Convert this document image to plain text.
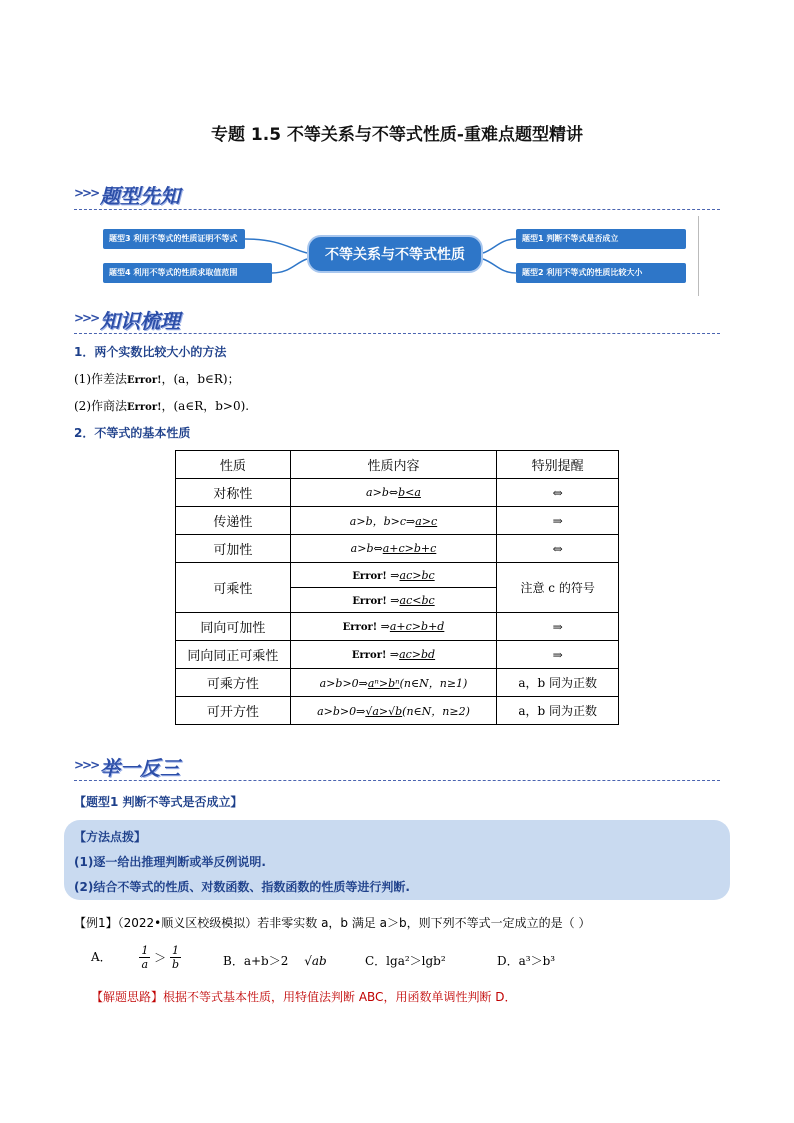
专题 1.5 不等关系与不等式性质-重难点题型精讲
>>> 题型先知
题型3 利用不等式的性质证明不等式
题型4 利用不等式的性质求取值范围
不等关系与不等式性质
题型1 判断不等式是否成立
题型2 利用不等式的性质比较大小
>>> 知识梳理
1．两个实数比较大小的方法
(1)作差法Error!，(a，b∈R)；
(2)作商法Error!，(a∈R，b>0).
2．不等式的基本性质
性质	性质内容	特别提醒
对称性	a>b⇔b<a	⇔
传递性	a>b，b>c⇒a>c	⇒
可加性	a>b⇔a+c>b+c	⇔
可乘性	Error! ⇒ac>bc	注意 c 的符号
	Error! ⇒ac<bc	
同向可加性	Error! ⇒a+c>b+d	⇒
同向同正可乘性	Error! ⇒ac>bd	⇒
可乘方性	a>b>0⇒aⁿ>bⁿ(n∈N，n≥1)	a，b 同为正数
可开方性	a>b>0⇒√a>√b(n∈N，n≥2)	a，b 同为正数
>>> 举一反三
【题型1 判断不等式是否成立】
【方法点拨】
(1)逐一给出推理判断或举反例说明.
(2)结合不等式的性质、对数函数、指数函数的性质等进行判断.
【例1】（2022•顺义区校级模拟）若非零实数 a，b 满足 a＞b，则下列不等式一定成立的是（ ）
A．	$\frac{1}{a} > \frac{1}{b}$	B．a+b＞2 √ab	C．lga²＞lgb²	D．a³＞b³
【解题思路】根据不等式基本性质，用特值法判断 ABC，用函数单调性判断 D．
